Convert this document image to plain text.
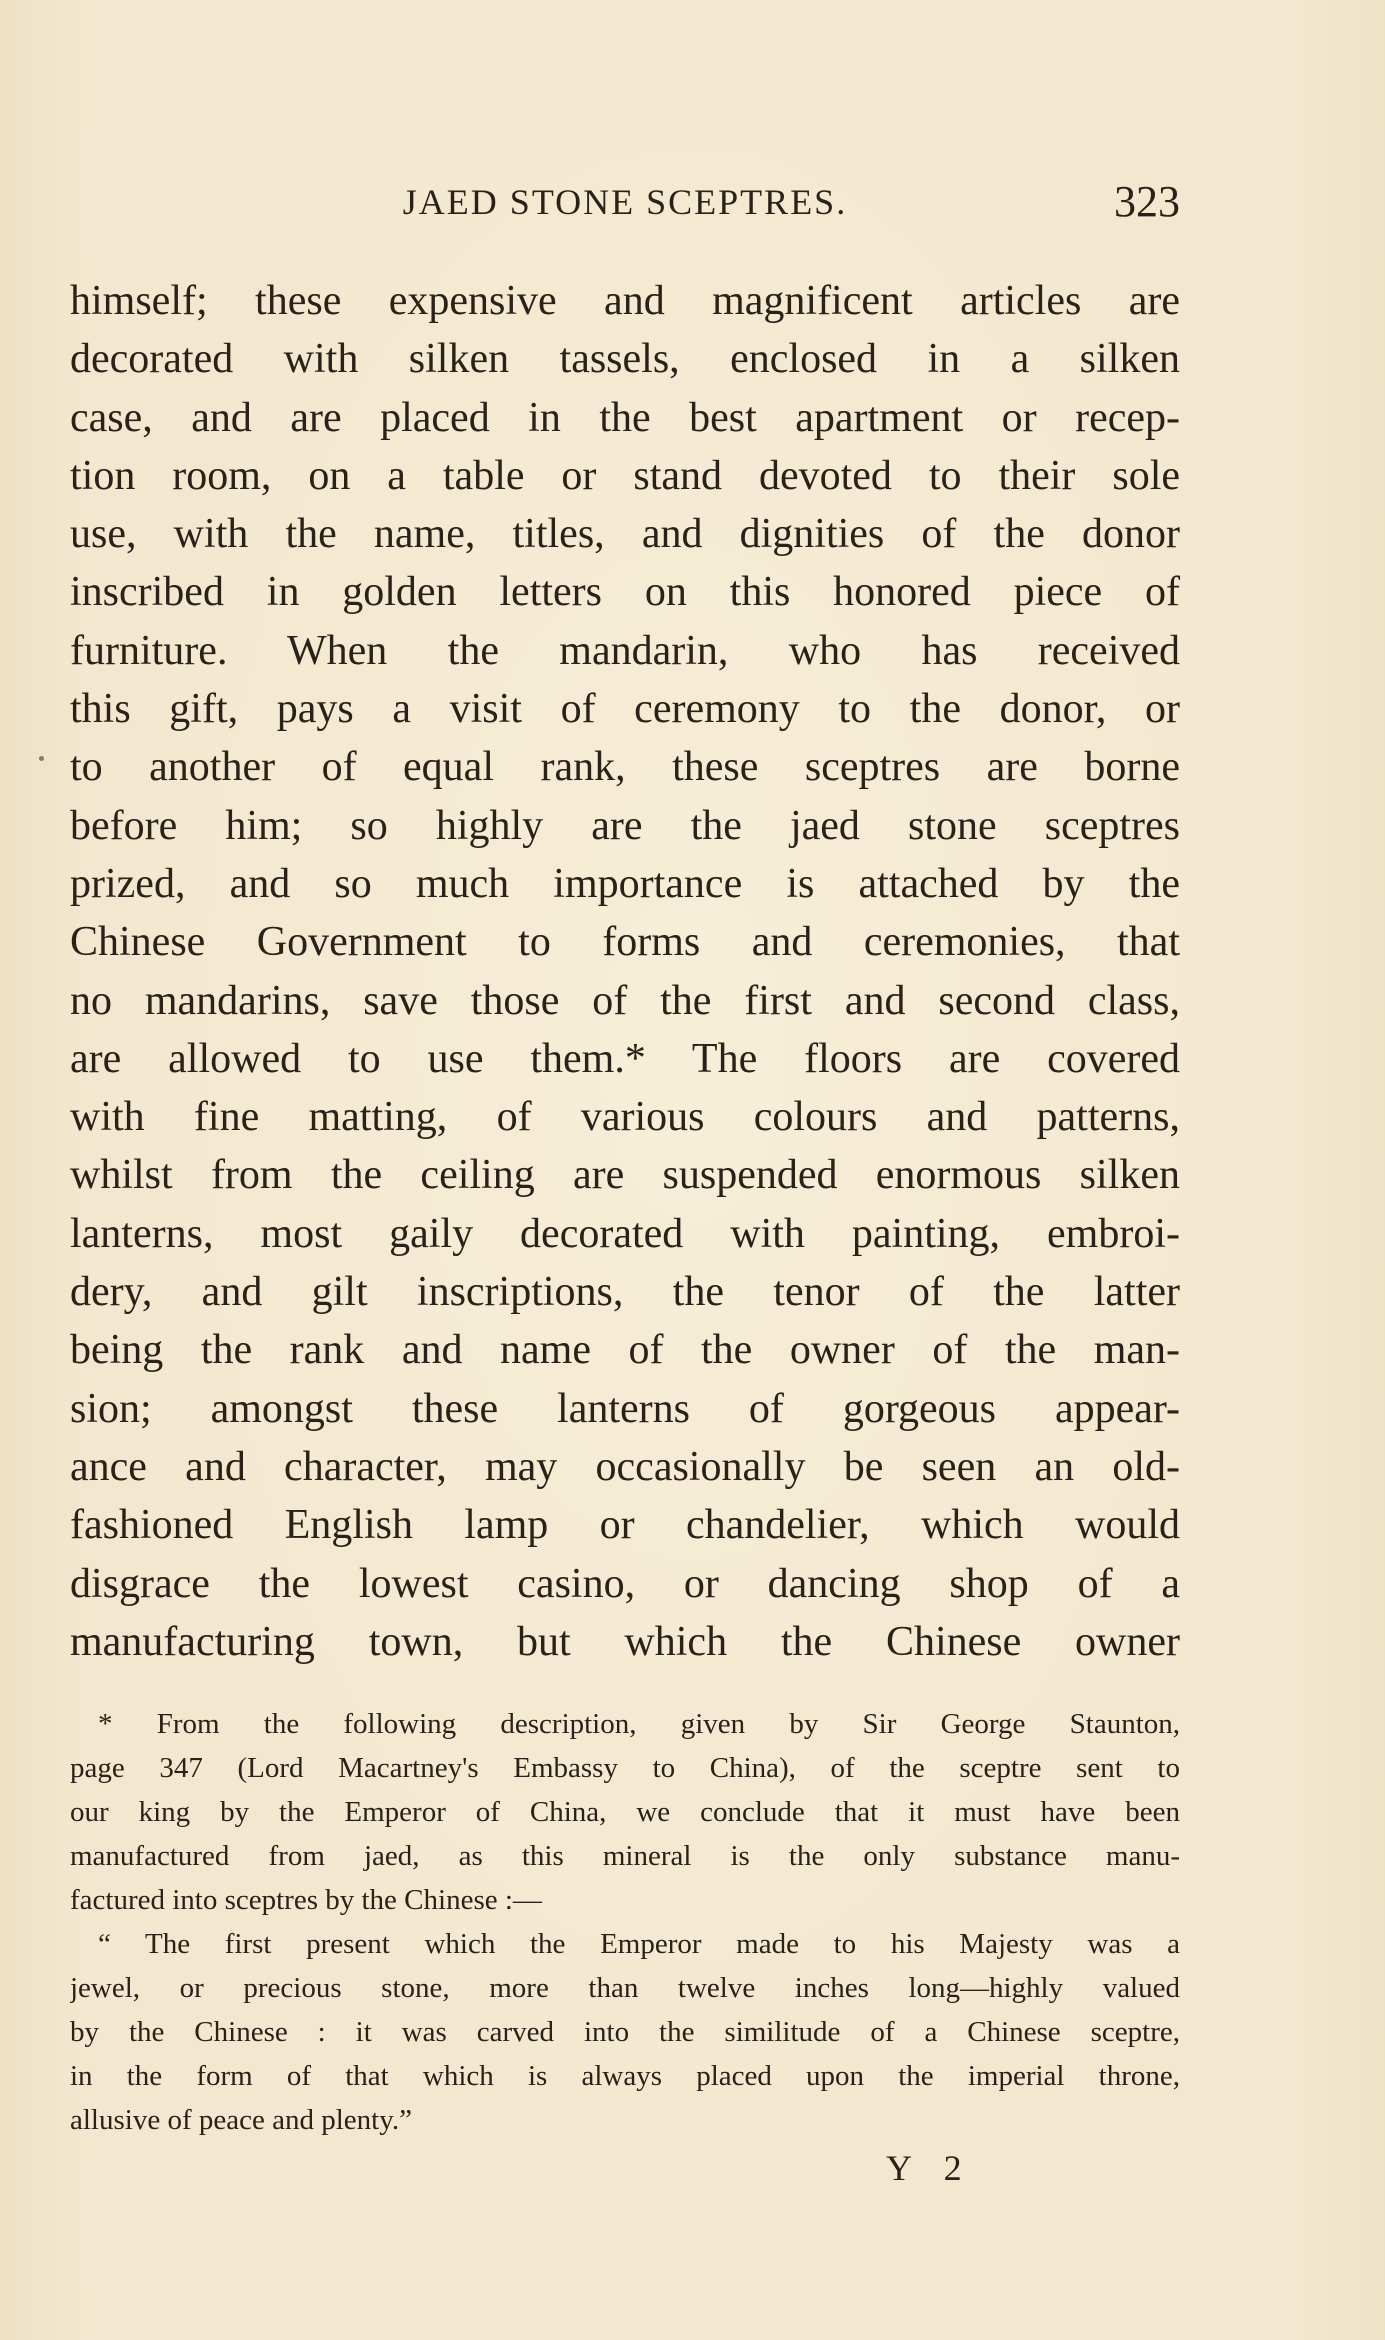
JAED STONE SCEPTRES.	323
himself; these expensive and magnificent articles are
decorated with silken tassels, enclosed in a silken
case, and are placed in the best apartment or recep-
tion room, on a table or stand devoted to their sole
use, with the name, titles, and dignities of the donor
inscribed in golden letters on this honored piece of
furniture. When the mandarin, who has received
this gift, pays a visit of ceremony to the donor, or
to another of equal rank, these sceptres are borne
before him; so highly are the jaed stone sceptres
prized, and so much importance is attached by the
Chinese Government to forms and ceremonies, that
no mandarins, save those of the first and second class,
are allowed to use them.* The floors are covered
with fine matting, of various colours and patterns,
whilst from the ceiling are suspended enormous silken
lanterns, most gaily decorated with painting, embroi-
dery, and gilt inscriptions, the tenor of the latter
being the rank and name of the owner of the man-
sion; amongst these lanterns of gorgeous appear-
ance and character, may occasionally be seen an old-
fashioned English lamp or chandelier, which would
disgrace the lowest casino, or dancing shop of a
manufacturing town, but which the Chinese owner
* From the following description, given by Sir George Staunton,
page 347 (Lord Macartney's Embassy to China), of the sceptre sent to
our king by the Emperor of China, we conclude that it must have been
manufactured from jaed, as this mineral is the only substance manu-
factured into sceptres by the Chinese :—
“ The first present which the Emperor made to his Majesty was a
jewel, or precious stone, more than twelve inches long—highly valued
by the Chinese : it was carved into the similitude of a Chinese sceptre,
in the form of that which is always placed upon the imperial throne,
allusive of peace and plenty.”
Y 2
